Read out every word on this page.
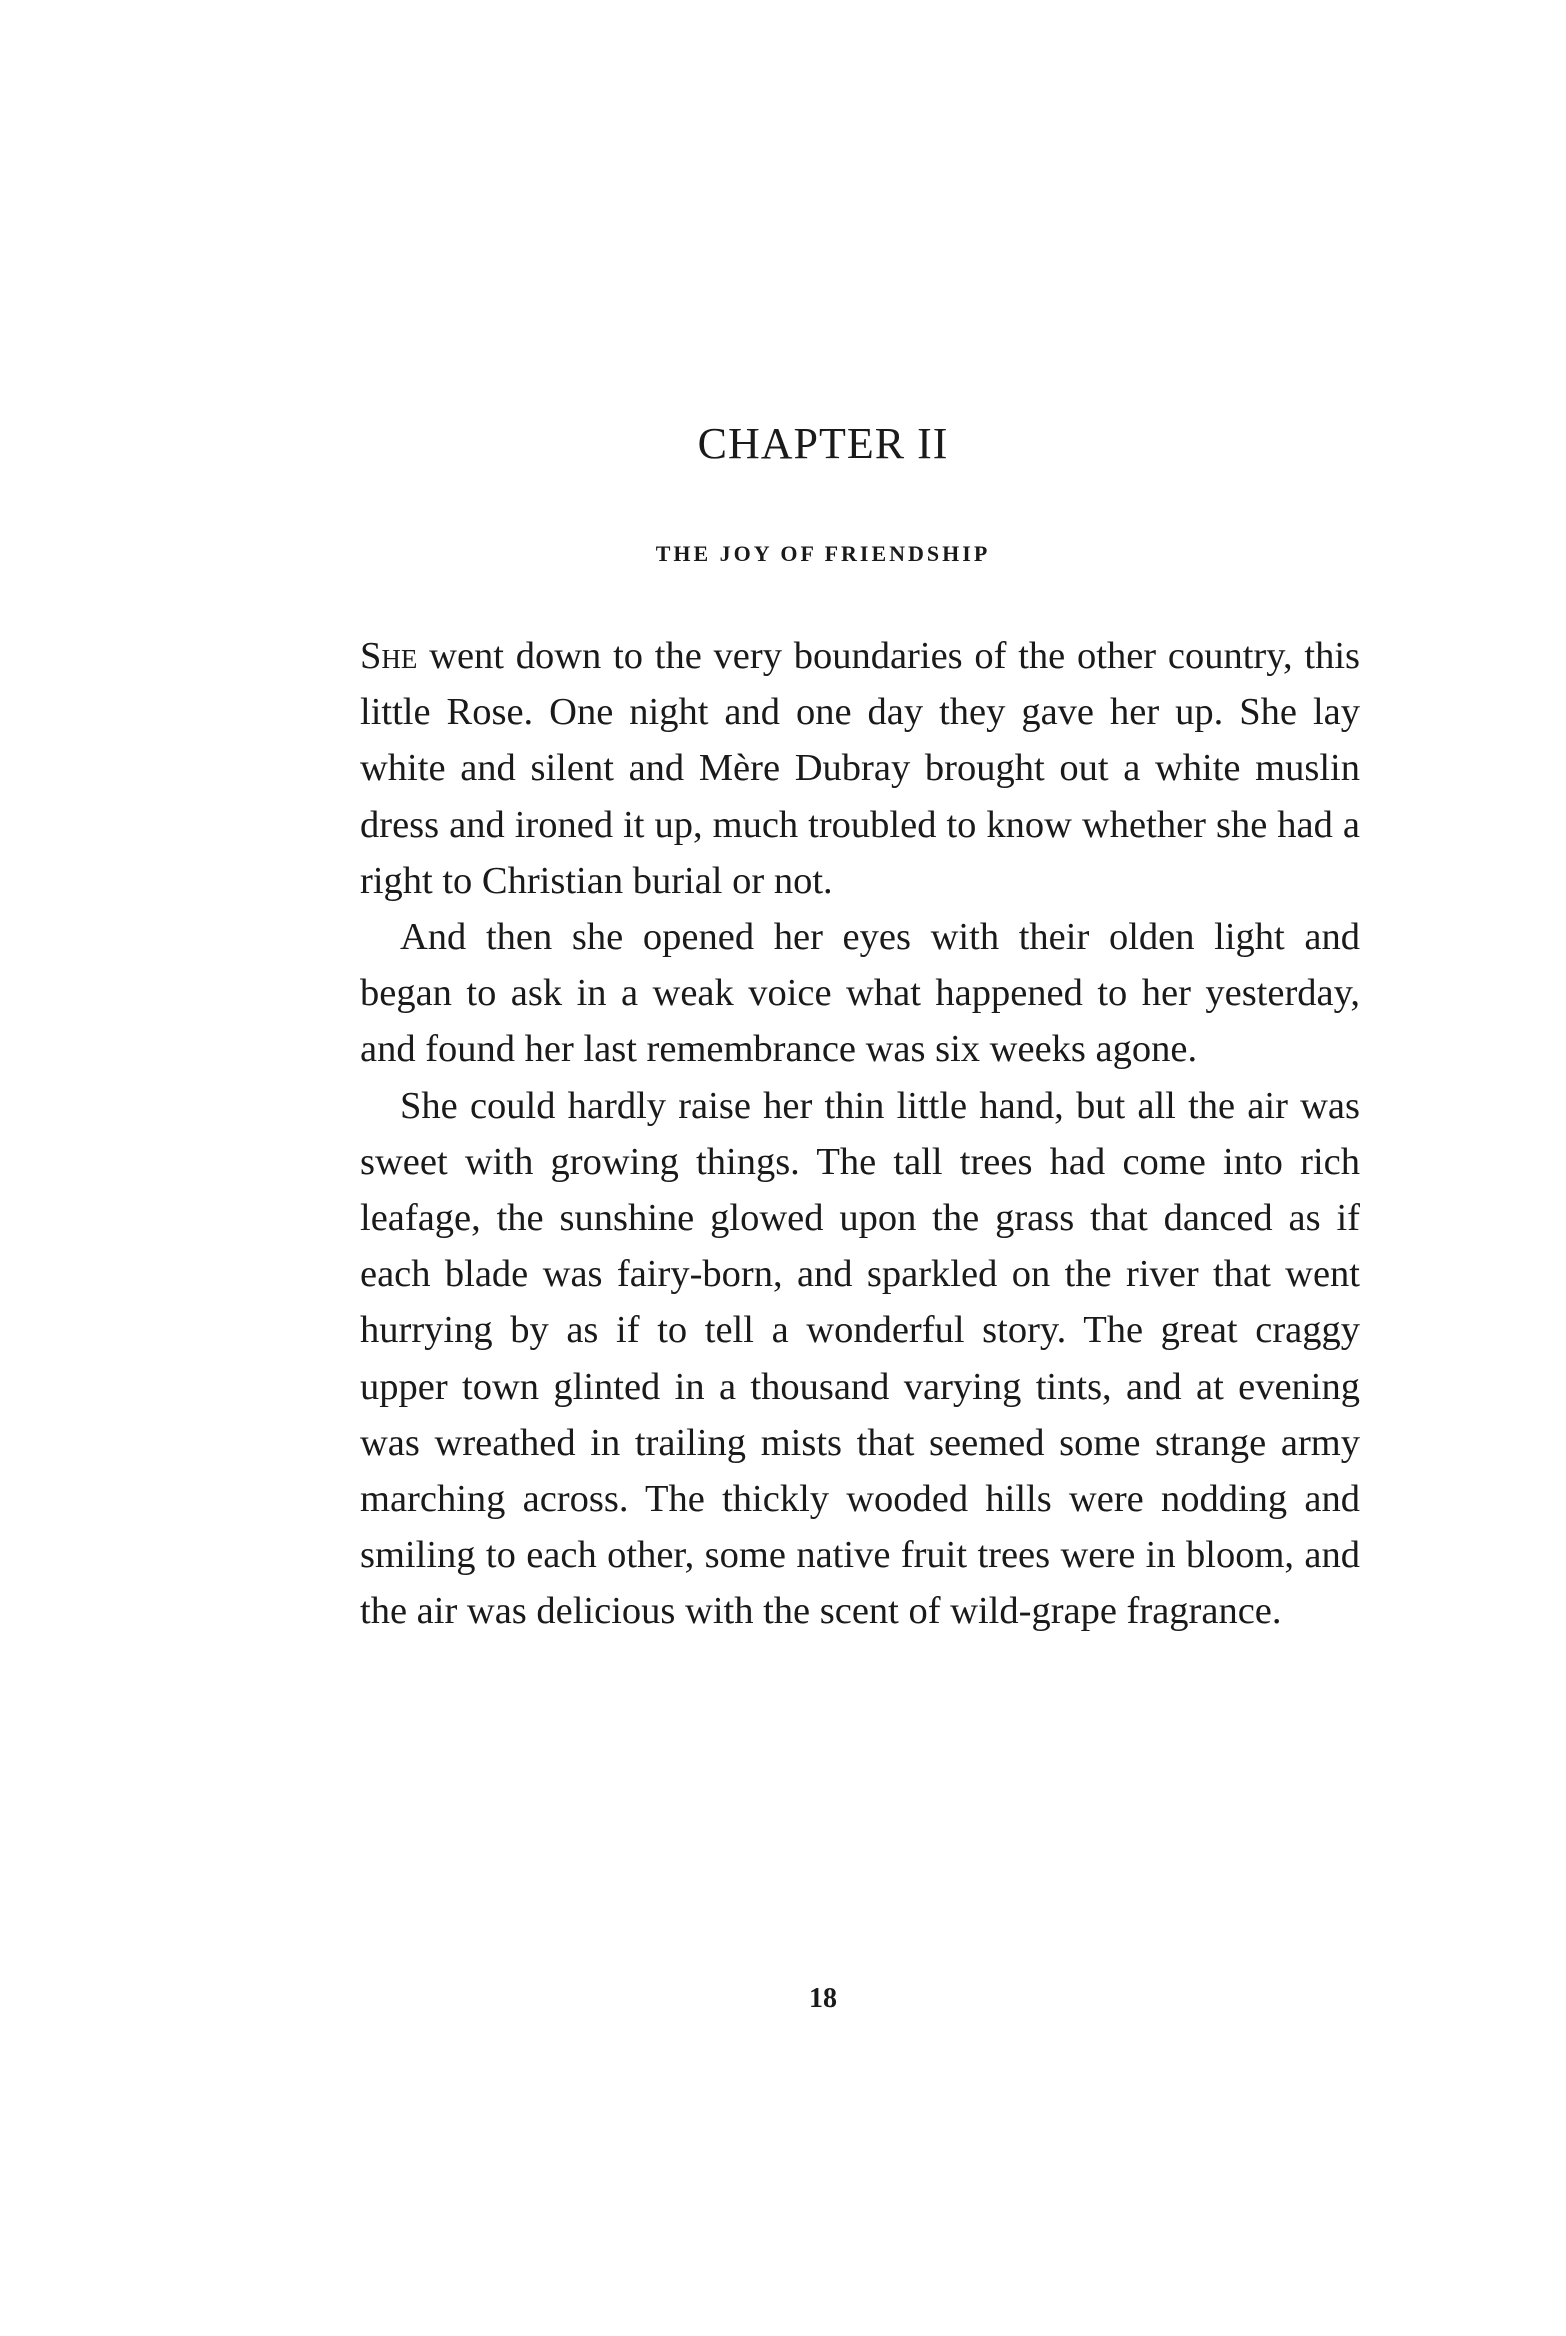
CHAPTER II
THE JOY OF FRIENDSHIP

She went down to the very boundaries of the other country, this little Rose. One night and one day they gave her up. She lay white and silent and Mère Dubray brought out a white muslin dress and ironed it up, much troubled to know whether she had a right to Christian burial or not.

And then she opened her eyes with their olden light and began to ask in a weak voice what happened to her yesterday, and found her last remembrance was six weeks agone.

She could hardly raise her thin little hand, but all the air was sweet with growing things. The tall trees had come into rich leafage, the sunshine glowed upon the grass that danced as if each blade was fairy-born, and sparkled on the river that went hurrying by as if to tell a wonderful story. The great craggy upper town glinted in a thousand varying tints, and at evening was wreathed in trailing mists that seemed some strange army marching across. The thickly wooded hills were nodding and smiling to each other, some native fruit trees were in bloom, and the air was delicious with the scent of wild-grape fragrance.

18
